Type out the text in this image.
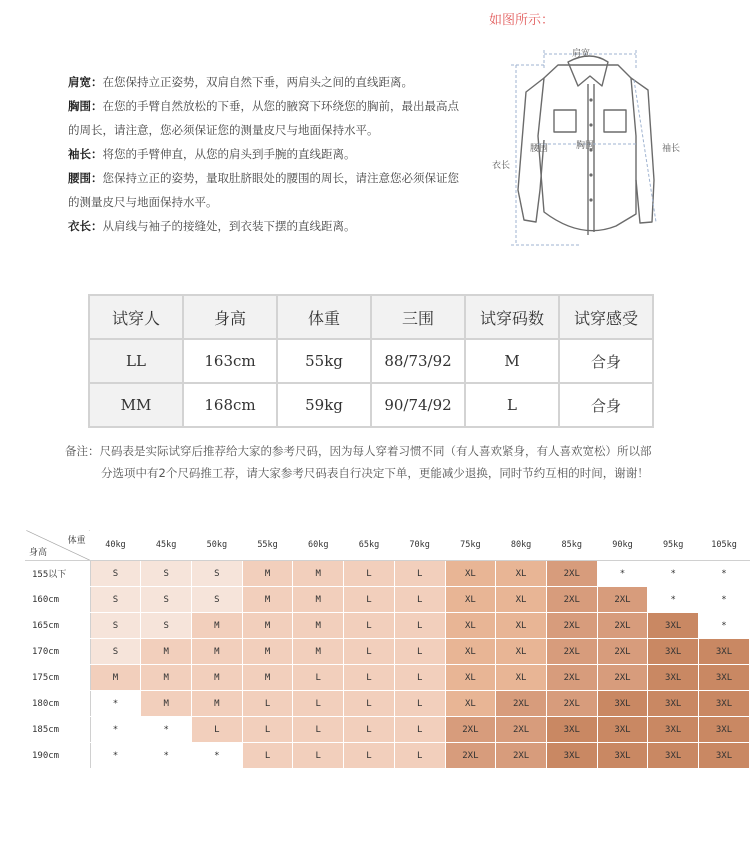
如图所示：

肩宽：在您保持立正姿势，双肩自然下垂，两肩头之间的直线距离。

胸围：在您的手臂自然放松的下垂，从您的腋窝下环绕您的胸前，最出最高点的周长，请注意，您必须保证您的测量皮尺与地面保持水平。

袖长：将您的手臂伸直，从您的肩头到手腕的直线距离。

腰围：您保持立正的姿势，量取肚脐眼处的腰围的周长，请注意您必须保证您的测量皮尺与地面保持水平。

衣长：从肩线与袖子的接缝处，到衣装下摆的直线距离。

肩宽
腰围	胸围	袖长
衣长
试穿人	身高	体重	三围	试穿码数	试穿感受
LL	163cm	55kg	88/73/92	M	合身
MM	168cm	59kg	90/74/92	L	合身
备注：尺码表是实际试穿后推荐给大家的参考尺码，因为每人穿着习惯不同（有人喜欢紧身，有人喜欢宽松）所以部
分选项中有2个尺码推工荐，请大家参考尺码表自行决定下单，更能减少退换，同时节约互相的时间，谢谢！
体重
身高	40kg	45kg	50kg	55kg	60kg	65kg	70kg	75kg	80kg	85kg	90kg	95kg	105kg
155以下	S	S	S	M	M	L	L	XL	XL	2XL	*	*	*
160cm	S	S	S	M	M	L	L	XL	XL	2XL	2XL	*	*
165cm	S	S	M	M	M	L	L	XL	XL	2XL	2XL	3XL	*
170cm	S	M	M	M	M	L	L	XL	XL	2XL	2XL	3XL	3XL
175cm	M	M	M	M	L	L	L	XL	XL	2XL	2XL	3XL	3XL
180cm	*	M	M	L	L	L	L	XL	2XL	2XL	3XL	3XL	3XL
185cm	*	*	L	L	L	L	L	2XL	2XL	3XL	3XL	3XL	3XL
190cm	*	*	*	L	L	L	L	2XL	2XL	3XL	3XL	3XL	3XL
